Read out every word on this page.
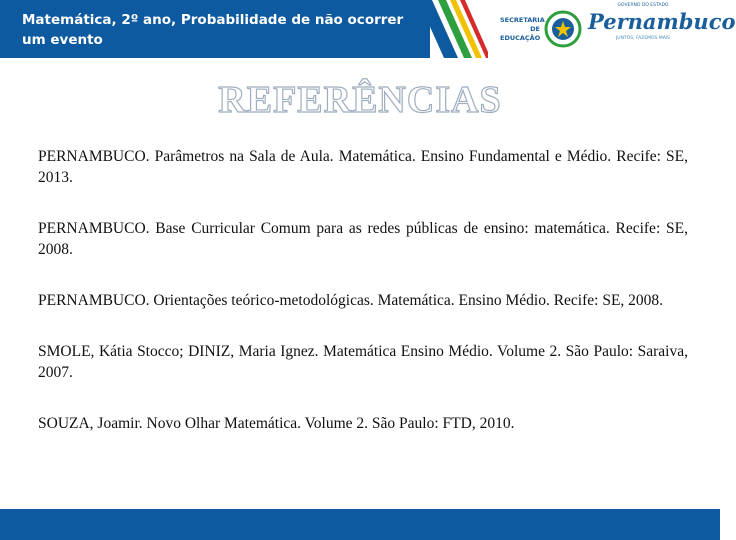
Matemática, 2º ano, Probabilidade de não ocorrer um evento
SECRETARIA
DE EDUCAÇÃO
GOVERNO DO ESTADO
Pernambuco
JUNTOS, FAZEMOS MAIS
REFERÊNCIAS

PERNAMBUCO. Parâmetros na Sala de Aula. Matemática. Ensino Fundamental e Médio. Recife: SE, 2013.

PERNAMBUCO. Base Curricular Comum para as redes públicas de ensino: matemática. Recife: SE, 2008.

PERNAMBUCO. Orientações teórico-metodológicas. Matemática. Ensino Médio. Recife: SE, 2008.

SMOLE, Kátia Stocco; DINIZ, Maria Ignez. Matemática Ensino Médio. Volume 2. São Paulo: Saraiva, 2007.

SOUZA, Joamir. Novo Olhar Matemática. Volume 2. São Paulo: FTD, 2010.
